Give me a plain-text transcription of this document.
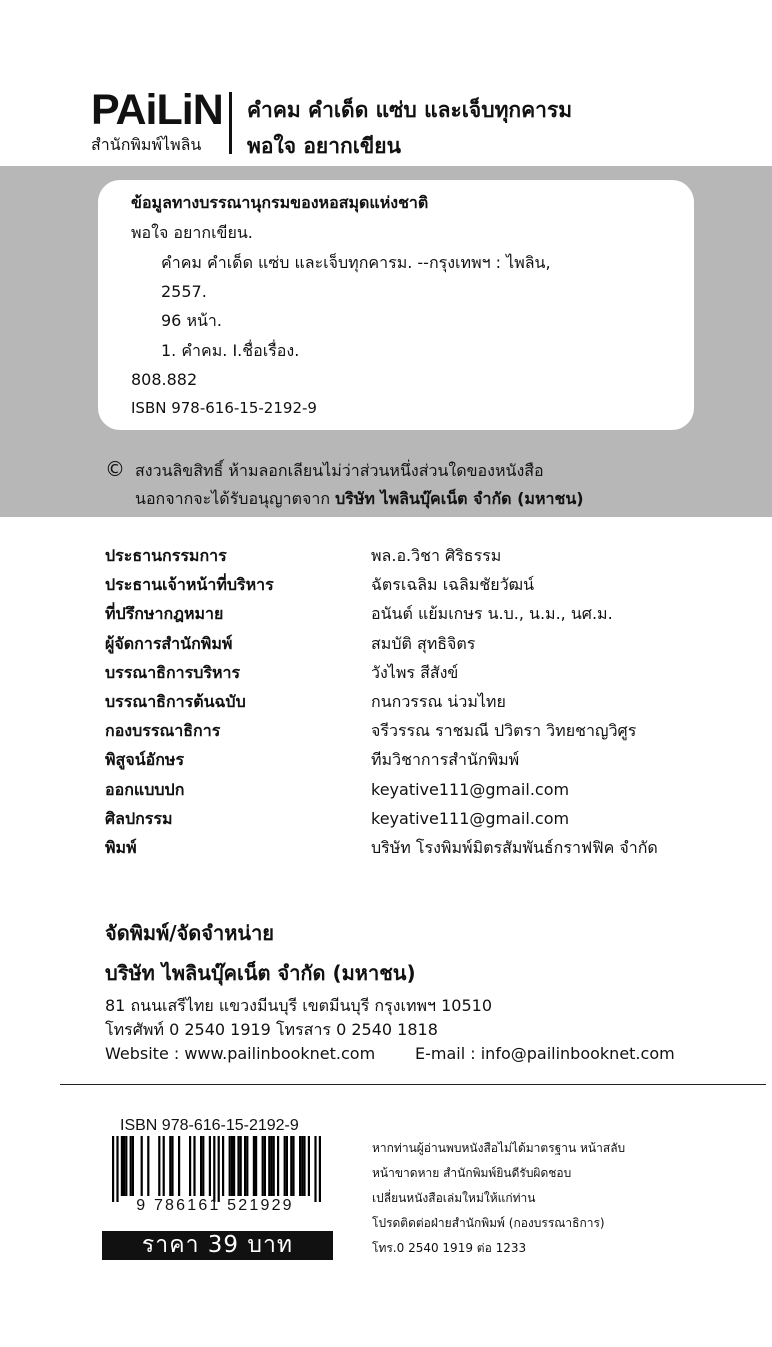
PAiLiN
สำนักพิมพ์ไพลิน
คำคม คำเด็ด แซ่บ และเจ็บทุกคารม
พอใจ อยากเขียน
ข้อมูลทางบรรณานุกรมของหอสมุดแห่งชาติ
พอใจ อยากเขียน.
คำคม คำเด็ด แซ่บ และเจ็บทุกคารม. --กรุงเทพฯ : ไพลิน,
2557.
96 หน้า.
1. คำคม. I.ชื่อเรื่อง.
808.882
ISBN 978-616-15-2192-9
© สงวนลิขสิทธิ์ ห้ามลอกเลียนไม่ว่าส่วนหนึ่งส่วนใดของหนังสือ
นอกจากจะได้รับอนุญาตจาก บริษัท ไพลินบุ๊คเน็ต จำกัด (มหาชน)
ประธานกรรมการ	พล.อ.วิชา ศิริธรรม
ประธานเจ้าหน้าที่บริหาร	ฉัตรเฉลิม เฉลิมชัยวัฒน์
ที่ปรึกษากฎหมาย	อนันต์ แย้มเกษร น.บ., น.ม., นศ.ม.
ผู้จัดการสำนักพิมพ์	สมบัติ สุทธิจิตร
บรรณาธิการบริหาร	วังไพร สีสังข์
บรรณาธิการต้นฉบับ	กนกวรรณ น่วมไทย
กองบรรณาธิการ	จรีวรรณ ราชมณี ปวิตรา วิทยชาญวิศูร
พิสูจน์อักษร	ทีมวิชาการสำนักพิมพ์
ออกแบบปก	keyative111@gmail.com
ศิลปกรรม	keyative111@gmail.com
พิมพ์	บริษัท โรงพิมพ์มิตรสัมพันธ์กราฟฟิค จำกัด
จัดพิมพ์/จัดจำหน่าย
บริษัท ไพลินบุ๊คเน็ต จำกัด (มหาชน)
81 ถนนเสรีไทย แขวงมีนบุรี เขตมีนบุรี กรุงเทพฯ 10510
โทรศัพท์ 0 2540 1919 โทรสาร 0 2540 1818
Website : www.pailinbooknet.com E-mail : info@pailinbooknet.com
ISBN 978-616-15-2192-9
9 786161 521929
ราคา 39 บาท
หากท่านผู้อ่านพบหนังสือไม่ได้มาตรฐาน หน้าสลับ
หน้าขาดหาย สำนักพิมพ์ยินดีรับผิดชอบ
เปลี่ยนหนังสือเล่มใหม่ให้แก่ท่าน
โปรดติดต่อฝ่ายสำนักพิมพ์ (กองบรรณาธิการ)
โทร.0 2540 1919 ต่อ 1233
